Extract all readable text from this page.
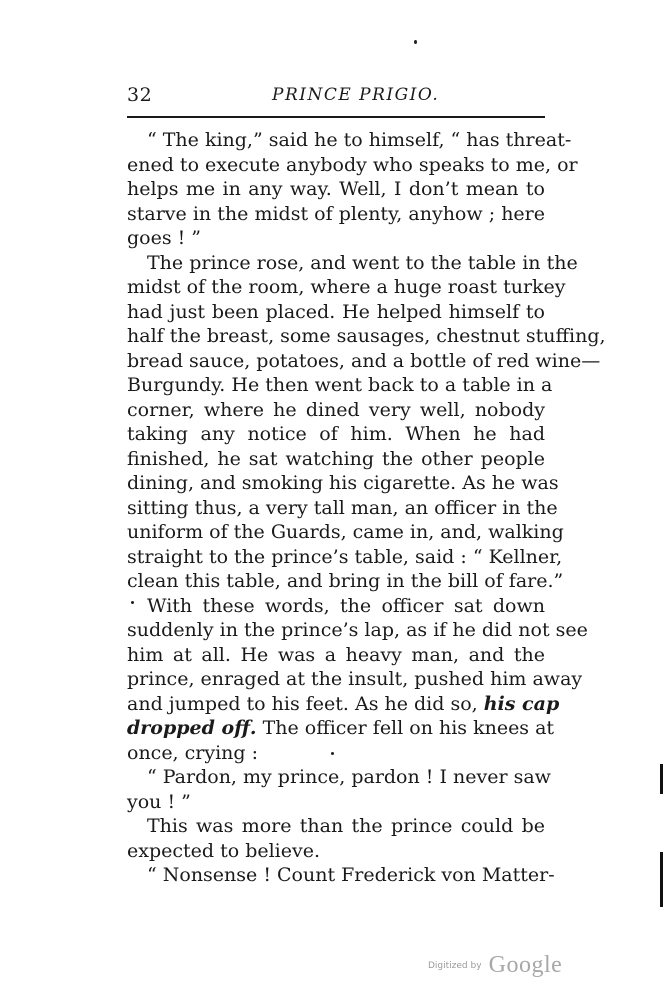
32	PRINCE PRIGIO.
“ The king,” said he to himself, “ has threat-
ened to execute anybody who speaks to me, or
helps me in any way. Well, I don’t mean to
starve in the midst of plenty, anyhow ; here
goes ! ”
The prince rose, and went to the table in the
midst of the room, where a huge roast turkey
had just been placed. He helped himself to
half the breast, some sausages, chestnut stuffing,
bread sauce, potatoes, and a bottle of red wine—
Burgundy. He then went back to a table in a
corner, where he dined very well, nobody
taking any notice of him. When he had
finished, he sat watching the other people
dining, and smoking his cigarette. As he was
sitting thus, a very tall man, an officer in the
uniform of the Guards, came in, and, walking
straight to the prince’s table, said : “ Kellner,
clean this table, and bring in the bill of fare.”
With these words, the officer sat down
suddenly in the prince’s lap, as if he did not see
him at all. He was a heavy man, and the
prince, enraged at the insult, pushed him away
and jumped to his feet. As he did so, his cap
dropped off. The officer fell on his knees at
once, crying :
“ Pardon, my prince, pardon ! I never saw
you ! ”
This was more than the prince could be
expected to believe.
“ Nonsense ! Count Frederick von Matter-
Digitized by Google
